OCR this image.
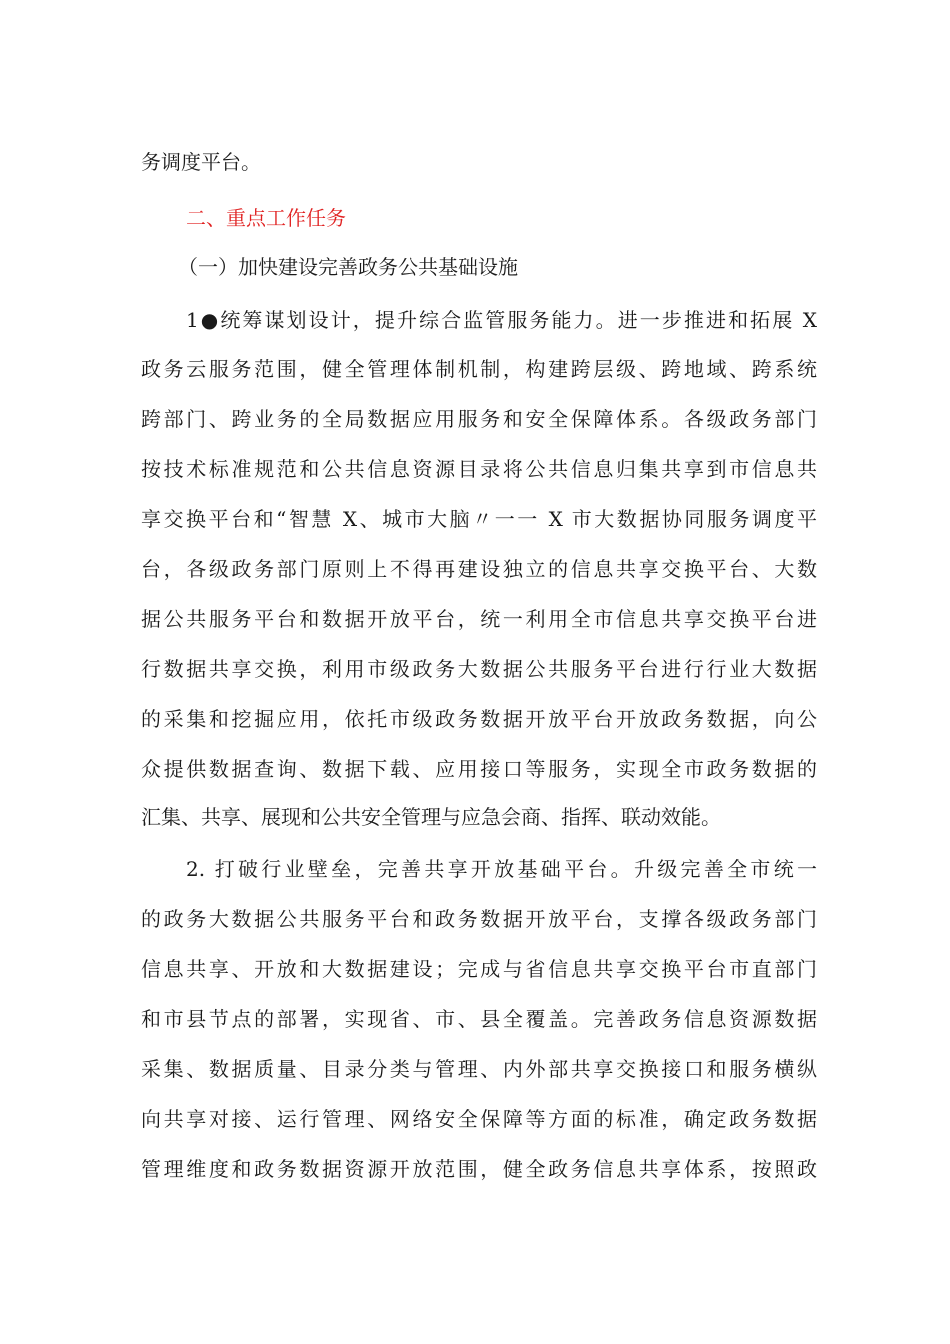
务调度平台。
二、重点工作任务
（一）加快建设完善政务公共基础设施
1●统筹谋划设计，提升综合监管服务能力。进一步推进和拓展 X
政务云服务范围，健全管理体制机制，构建跨层级、跨地域、跨系统
跨部门、跨业务的全局数据应用服务和安全保障体系。各级政务部门
按技术标准规范和公共信息资源目录将公共信息归集共享到市信息共
享交换平台和“智慧 X、城市大脑〃一一 X 市大数据协同服务调度平
台，各级政务部门原则上不得再建设独立的信息共享交换平台、大数
据公共服务平台和数据开放平台，统一利用全市信息共享交换平台进
行数据共享交换，利用市级政务大数据公共服务平台进行行业大数据
的采集和挖掘应用，依托市级政务数据开放平台开放政务数据，向公
众提供数据查询、数据下载、应用接口等服务，实现全市政务数据的
汇集、共享、展现和公共安全管理与应急会商、指挥、联动效能。
2. 打破行业壁垒，完善共享开放基础平台。升级完善全市统一
的政务大数据公共服务平台和政务数据开放平台，支撑各级政务部门
信息共享、开放和大数据建设；完成与省信息共享交换平台市直部门
和市县节点的部署，实现省、市、县全覆盖。完善政务信息资源数据
采集、数据质量、目录分类与管理、内外部共享交换接口和服务横纵
向共享对接、运行管理、网络安全保障等方面的标准，确定政务数据
管理维度和政务数据资源开放范围，健全政务信息共享体系，按照政
